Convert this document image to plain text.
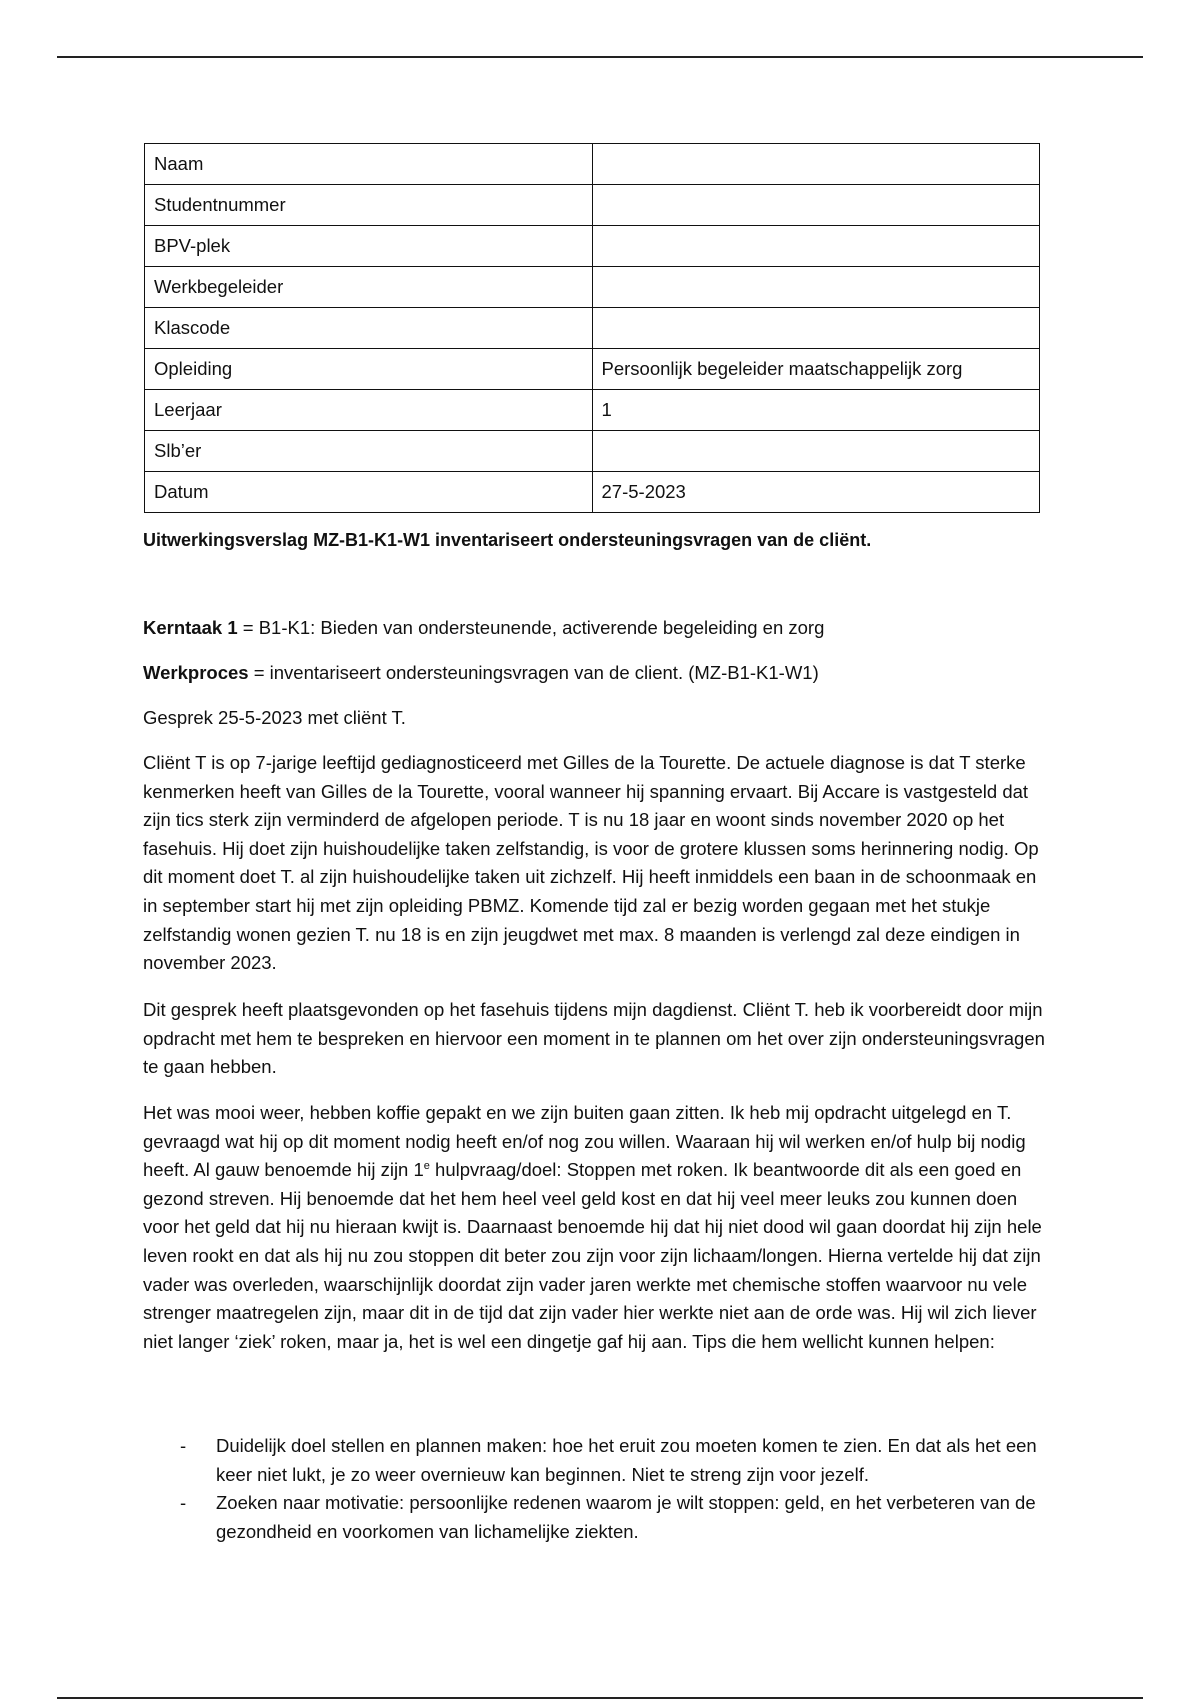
Naam	
Studentnummer	
BPV-plek	
Werkbegeleider	
Klascode	
Opleiding	Persoonlijk begeleider maatschappelijk zorg
Leerjaar	1
Slb’er	
Datum	27-5-2023
Uitwerkingsverslag MZ-B1-K1-W1 inventariseert ondersteuningsvragen van de cliënt.

Kerntaak 1 = B1-K1: Bieden van ondersteunende, activerende begeleiding en zorg

Werkproces = inventariseert ondersteuningsvragen van de client. (MZ-B1-K1-W1)

Gesprek 25-5-2023 met cliënt T.

Cliënt T is op 7-jarige leeftijd gediagnosticeerd met Gilles de la Tourette. De actuele diagnose is dat T sterke kenmerken heeft van Gilles de la Tourette, vooral wanneer hij spanning ervaart. Bij Accare is vastgesteld dat zijn tics sterk zijn verminderd de afgelopen periode. T is nu 18 jaar en woont sinds november 2020 op het fasehuis. Hij doet zijn huishoudelijke taken zelfstandig, is voor de grotere klussen soms herinnering nodig. Op dit moment doet T. al zijn huishoudelijke taken uit zichzelf. Hij heeft inmiddels een baan in de schoonmaak en in september start hij met zijn opleiding PBMZ. Komende tijd zal er bezig worden gegaan met het stukje zelfstandig wonen gezien T. nu 18 is en zijn jeugdwet met max. 8 maanden is verlengd zal deze eindigen in november 2023.

Dit gesprek heeft plaatsgevonden op het fasehuis tijdens mijn dagdienst. Cliënt T. heb ik voorbereidt door mijn opdracht met hem te bespreken en hiervoor een moment in te plannen om het over zijn ondersteuningsvragen te gaan hebben.

Het was mooi weer, hebben koffie gepakt en we zijn buiten gaan zitten. Ik heb mij opdracht uitgelegd en T. gevraagd wat hij op dit moment nodig heeft en/of nog zou willen. Waaraan hij wil werken en/of hulp bij nodig heeft. Al gauw benoemde hij zijn 1e hulpvraag/doel: Stoppen met roken. Ik beantwoorde dit als een goed en gezond streven. Hij benoemde dat het hem heel veel geld kost en dat hij veel meer leuks zou kunnen doen voor het geld dat hij nu hieraan kwijt is. Daarnaast benoemde hij dat hij niet dood wil gaan doordat hij zijn hele leven rookt en dat als hij nu zou stoppen dit beter zou zijn voor zijn lichaam/longen. Hierna vertelde hij dat zijn vader was overleden, waarschijnlijk doordat zijn vader jaren werkte met chemische stoffen waarvoor nu vele strenger maatregelen zijn, maar dit in de tijd dat zijn vader hier werkte niet aan de orde was. Hij wil zich liever niet langer ‘ziek’ roken, maar ja, het is wel een dingetje gaf hij aan. Tips die hem wellicht kunnen helpen:

- Duidelijk doel stellen en plannen maken: hoe het eruit zou moeten komen te zien. En dat als het een keer niet lukt, je zo weer overnieuw kan beginnen. Niet te streng zijn voor jezelf.
- Zoeken naar motivatie: persoonlijke redenen waarom je wilt stoppen: geld, en het verbeteren van de gezondheid en voorkomen van lichamelijke ziekten.
